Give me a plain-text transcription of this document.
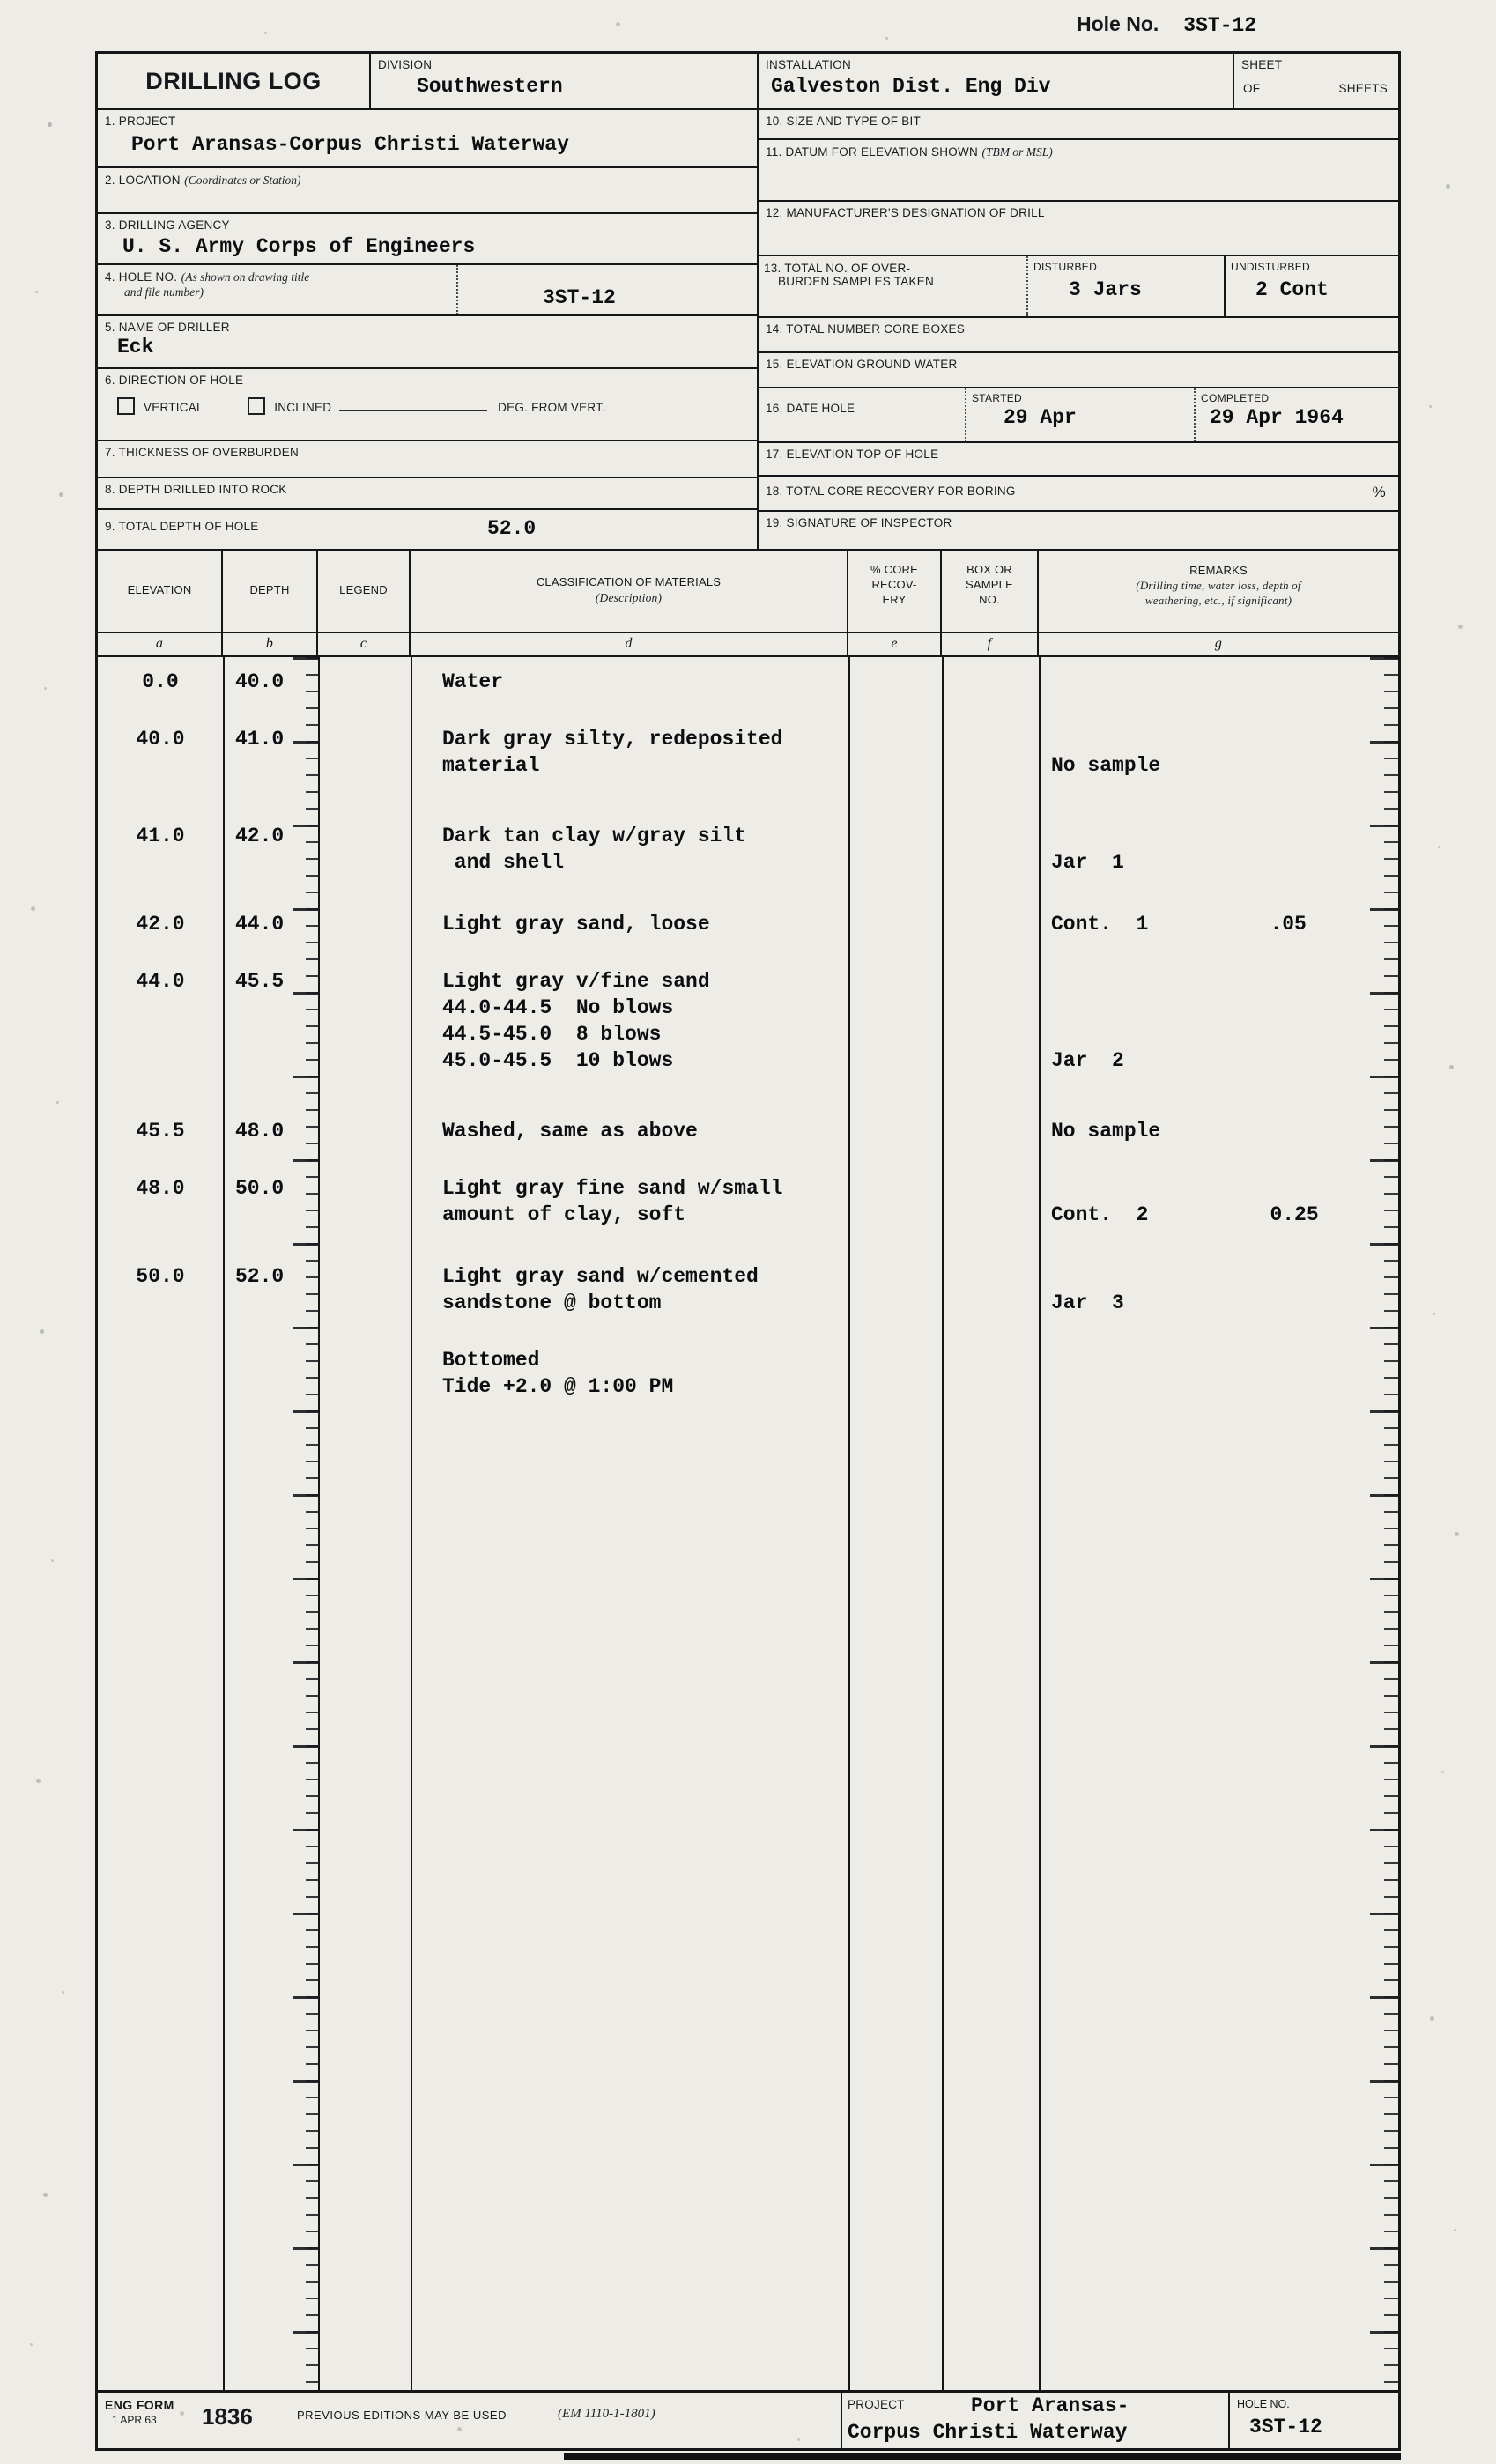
Hole No. 3ST-12
DRILLING LOG
DIVISION
Southwestern
INSTALLATION
Galveston Dist. Eng Div
SHEET
OF	SHEETS
1. PROJECT
Port Aransas-Corpus Christi Waterway
2. LOCATION (Coordinates or Station)
3. DRILLING AGENCY
U. S. Army Corps of Engineers
4. HOLE NO. (As shown on drawing title
and file number)	3ST-12
5. NAME OF DRILLER
Eck
6. DIRECTION OF HOLE
VERTICAL	INCLINED	DEG. FROM VERT.
7. THICKNESS OF OVERBURDEN
8. DEPTH DRILLED INTO ROCK
9. TOTAL DEPTH OF HOLE	52.0
10. SIZE AND TYPE OF BIT
11. DATUM FOR ELEVATION SHOWN (TBM or MSL)
12. MANUFACTURER'S DESIGNATION OF DRILL
13. TOTAL NO. OF OVER-
BURDEN SAMPLES TAKEN
DISTURBED
3 Jars
UNDISTURBED
2 Cont
14. TOTAL NUMBER CORE BOXES
15. ELEVATION GROUND WATER
16. DATE HOLE
STARTED
29 Apr
COMPLETED
29 Apr 1964
17. ELEVATION TOP OF HOLE
18. TOTAL CORE RECOVERY FOR BORING	%
19. SIGNATURE OF INSPECTOR
ELEVATION
a
DEPTH
b
LEGEND
c
CLASSIFICATION OF MATERIALS
(Description)
d
% CORE
RECOV-
ERY
e
BOX OR
SAMPLE
NO.
f
REMARKS
(Drilling time, water loss, depth of
weathering, etc., if significant)
g
0.0	40.0	Water
40.0	41.0	Dark gray silty, redeposited
material	No sample
41.0	42.0	Dark tan clay w/gray silt
and shell	Jar  1
42.0	44.0	Light gray sand, loose	Cont.  1          .05
44.0	45.5	Light gray v/fine sand
44.0-44.5  No blows
44.5-45.0  8 blows
45.0-45.5  10 blows	Jar  2
45.5	48.0	Washed, same as above	No sample
48.0	50.0	Light gray fine sand w/small
amount of clay, soft	Cont.  2          0.25
50.0	52.0	Light gray sand w/cemented
sandstone @ bottom	Jar  3
Bottomed
Tide +2.0 @ 1:00 PM
ENG FORM
1 APR 63	1836	PREVIOUS EDITIONS MAY BE USED	(EM 1110-1-1801)
PROJECT	Port Aransas-
Corpus Christi Waterway
HOLE NO.
3ST-12
